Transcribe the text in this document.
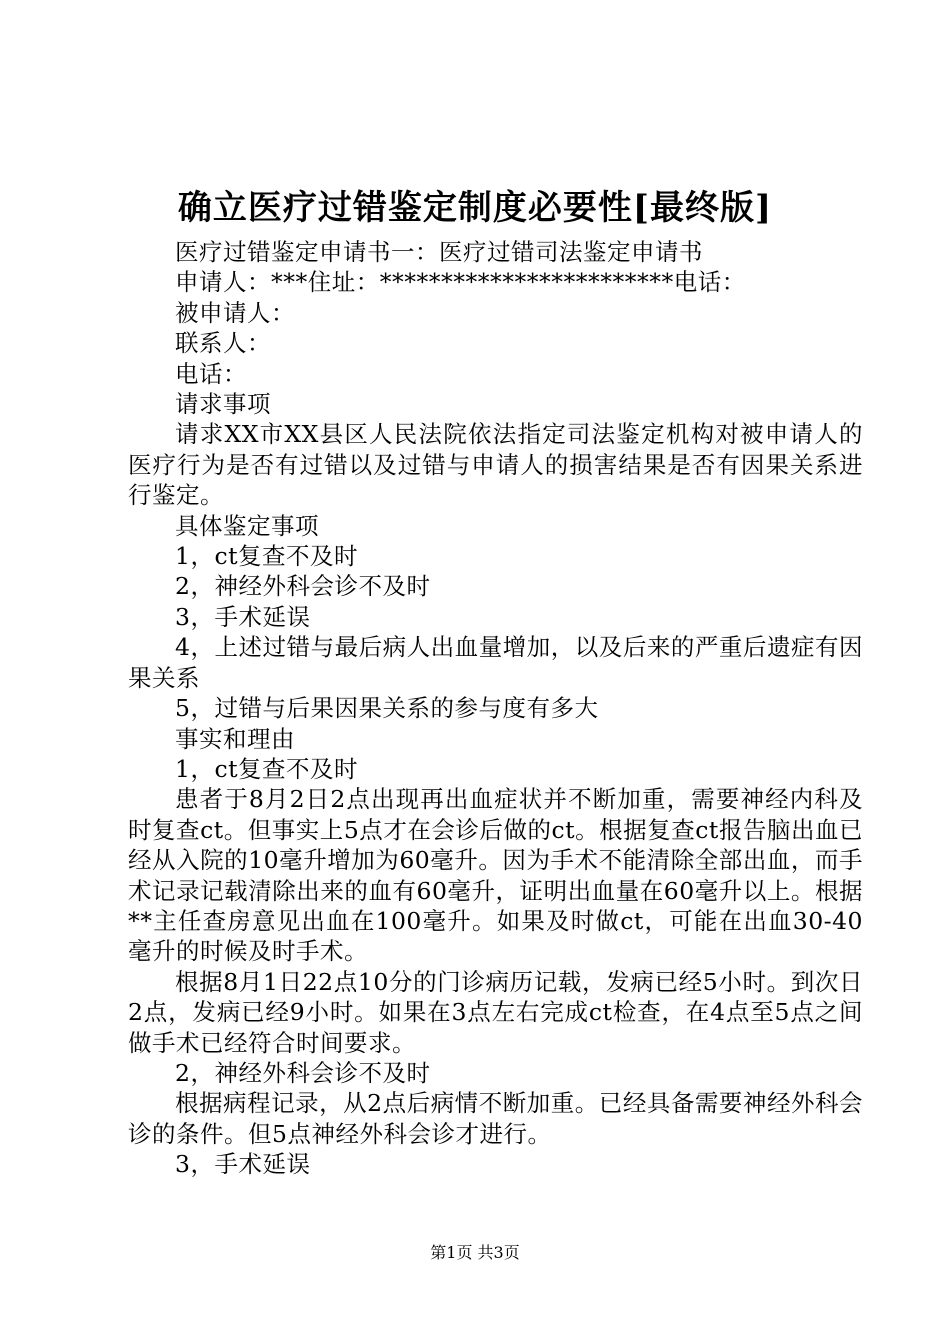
确立医疗过错鉴定制度必要性[最终版]

医疗过错鉴定申请书一：医疗过错司法鉴定申请书

申请人：***住址：************************电话：

被申请人：

联系人：

电话：

请求事项

请求XX市XX县区人民法院依法指定司法鉴定机构对被申请人的医疗行为是否有过错以及过错与申请人的损害结果是否有因果关系进行鉴定。

具体鉴定事项

1，ct复查不及时

2，神经外科会诊不及时

3，手术延误

4，上述过错与最后病人出血量增加，以及后来的严重后遗症有因果关系

5，过错与后果因果关系的参与度有多大

事实和理由

1，ct复查不及时

患者于8月2日2点出现再出血症状并不断加重，需要神经内科及时复查ct。但事实上5点才在会诊后做的ct。根据复查ct报告脑出血已经从入院的10毫升增加为60毫升。因为手术不能清除全部出血，而手术记录记载清除出来的血有60毫升，证明出血量在60毫升以上。根据**主任查房意见出血在100毫升。如果及时做ct，可能在出血30-40毫升的时候及时手术。

根据8月1日22点10分的门诊病历记载，发病已经5小时。到次日2点，发病已经9小时。如果在3点左右完成ct检查，在4点至5点之间做手术已经符合时间要求。

2，神经外科会诊不及时

根据病程记录，从2点后病情不断加重。已经具备需要神经外科会诊的条件。但5点神经外科会诊才进行。

3，手术延误

第1页 共3页
